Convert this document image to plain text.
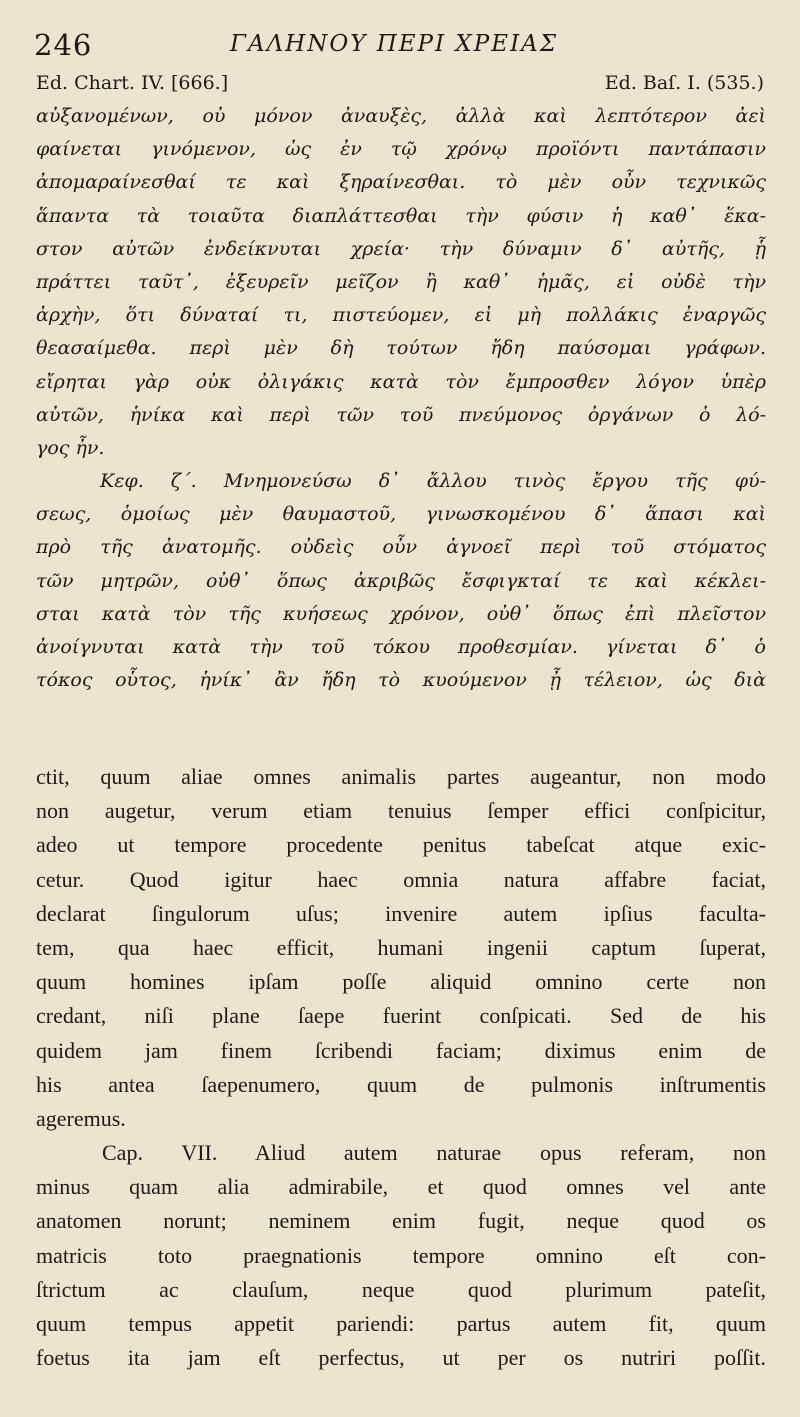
246	ΓΑΛΗΝΟΥ ΠΕΡΙ ΧΡΕΙΑΣ
Ed. Chart. IV. [666.]	Ed. Baſ. I. (535.)
αὐξανομένων, οὐ μόνον ἀναυξὲς, ἀλλὰ καὶ λεπτότερον ἀεὶ
φαίνεται γινόμενον, ὡς ἐν τῷ χρόνῳ προϊόντι παντάπασιν
ἀπομαραίνεσθαί τε καὶ ξηραίνεσθαι. τὸ μὲν οὖν τεχνικῶς
ἅπαντα τὰ τοιαῦτα διαπλάττεσθαι τὴν φύσιν ἡ καθ᾿ ἕκα-
στον αὐτῶν ἐνδείκνυται χρεία· τὴν δύναμιν δ᾿ αὐτῆς, ᾗ
πράττει ταῦτ᾿, ἐξευρεῖν μεῖζον ἢ καθ᾿ ἡμᾶς, εἰ οὐδὲ τὴν
ἀρχὴν, ὅτι δύναταί τι, πιστεύομεν, εἰ μὴ πολλάκις ἐναργῶς
θεασαίμεθα. περὶ μὲν δὴ τούτων ἤδη παύσομαι γράφων.
εἴρηται γὰρ οὐκ ὀλιγάκις κατὰ τὸν ἔμπροσθεν λόγον ὑπὲρ
αὐτῶν, ἡνίκα καὶ περὶ τῶν τοῦ πνεύμονος ὀργάνων ὁ λό-
γος ἦν.
Κεφ. ζ΄. Μνημονεύσω δ᾿ ἄλλου τινὸς ἔργου τῆς φύ-
σεως, ὁμοίως μὲν θαυμαστοῦ, γινωσκομένου δ᾿ ἅπασι καὶ
πρὸ τῆς ἀνατομῆς. οὐδεὶς οὖν ἀγνοεῖ περὶ τοῦ στόματος
τῶν μητρῶν, οὐθ᾿ ὅπως ἀκριβῶς ἔσφιγκταί τε καὶ κέκλει-
σται κατὰ τὸν τῆς κυήσεως χρόνον, οὐθ᾿ ὅπως ἐπὶ πλεῖστον
ἀνοίγνυται κατὰ τὴν τοῦ τόκου προθεσμίαν. γίνεται δ᾿ ὁ
τόκος οὗτος, ἡνίκ᾿ ἂν ἤδη τὸ κυούμενον ᾖ τέλειον, ὡς διὰ
ctit, quum aliae omnes animalis partes augeantur, non modo
non augetur, verum etiam tenuius ſemper effici conſpicitur,
adeo ut tempore procedente penitus tabeſcat atque exic-
cetur. Quod igitur haec omnia natura affabre faciat,
declarat ſingulorum uſus; invenire autem ipſius faculta-
tem, qua haec efficit, humani ingenii captum ſuperat,
quum homines ipſam poſſe aliquid omnino certe non
credant, niſi plane ſaepe fuerint conſpicati. Sed de his
quidem jam finem ſcribendi faciam; diximus enim de
his antea ſaepenumero, quum de pulmonis inſtrumentis
ageremus.
Cap. VII. Aliud autem naturae opus referam, non
minus quam alia admirabile, et quod omnes vel ante
anatomen norunt; neminem enim fugit, neque quod os
matricis toto praegnationis tempore omnino eſt con-
ſtrictum ac clauſum, neque quod plurimum pateſit,
quum tempus appetit pariendi: partus autem fit, quum
foetus ita jam eſt perfectus, ut per os nutriri poſſit.
